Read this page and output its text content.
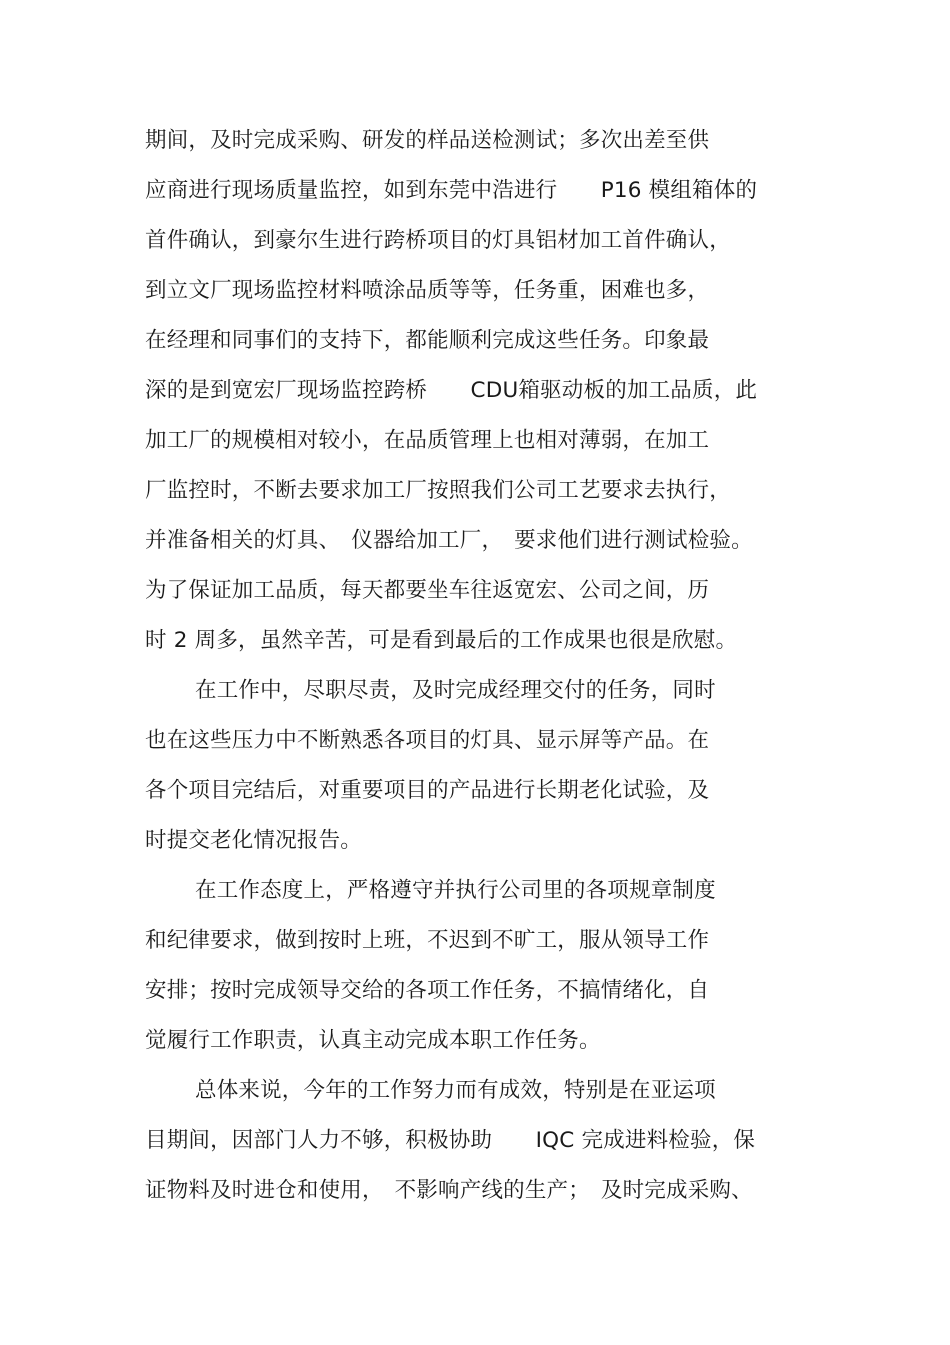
期间，及时完成采购、研发的样品送检测试；多次出差至供
应商进行现场质量监控，如到东莞中浩进行　　P16 模组箱体的
首件确认，到豪尔生进行跨桥项目的灯具铝材加工首件确认，
到立文厂现场监控材料喷涂品质等等，任务重，困难也多，
在经理和同事们的支持下，都能顺利完成这些任务。印象最
深的是到宽宏厂现场监控跨桥　　CDU箱驱动板的加工品质，此
加工厂的规模相对较小，在品质管理上也相对薄弱，在加工
厂监控时，不断去要求加工厂按照我们公司工艺要求去执行，
并准备相关的灯具、　仪器给加工厂，　要求他们进行测试检验。
为了保证加工品质，每天都要坐车往返宽宏、公司之间，历
时 2 周多，虽然辛苦，可是看到最后的工作成果也很是欣慰。
在工作中，尽职尽责，及时完成经理交付的任务，同时
也在这些压力中不断熟悉各项目的灯具、显示屏等产品。在
各个项目完结后，对重要项目的产品进行长期老化试验，及
时提交老化情况报告。
在工作态度上，严格遵守并执行公司里的各项规章制度
和纪律要求，做到按时上班，不迟到不旷工，服从领导工作
安排；按时完成领导交给的各项工作任务，不搞情绪化，自
觉履行工作职责，认真主动完成本职工作任务。
总体来说，今年的工作努力而有成效，特别是在亚运项
目期间，因部门人力不够，积极协助　　IQC 完成进料检验，保
证物料及时进仓和使用，　不影响产线的生产；　及时完成采购、
